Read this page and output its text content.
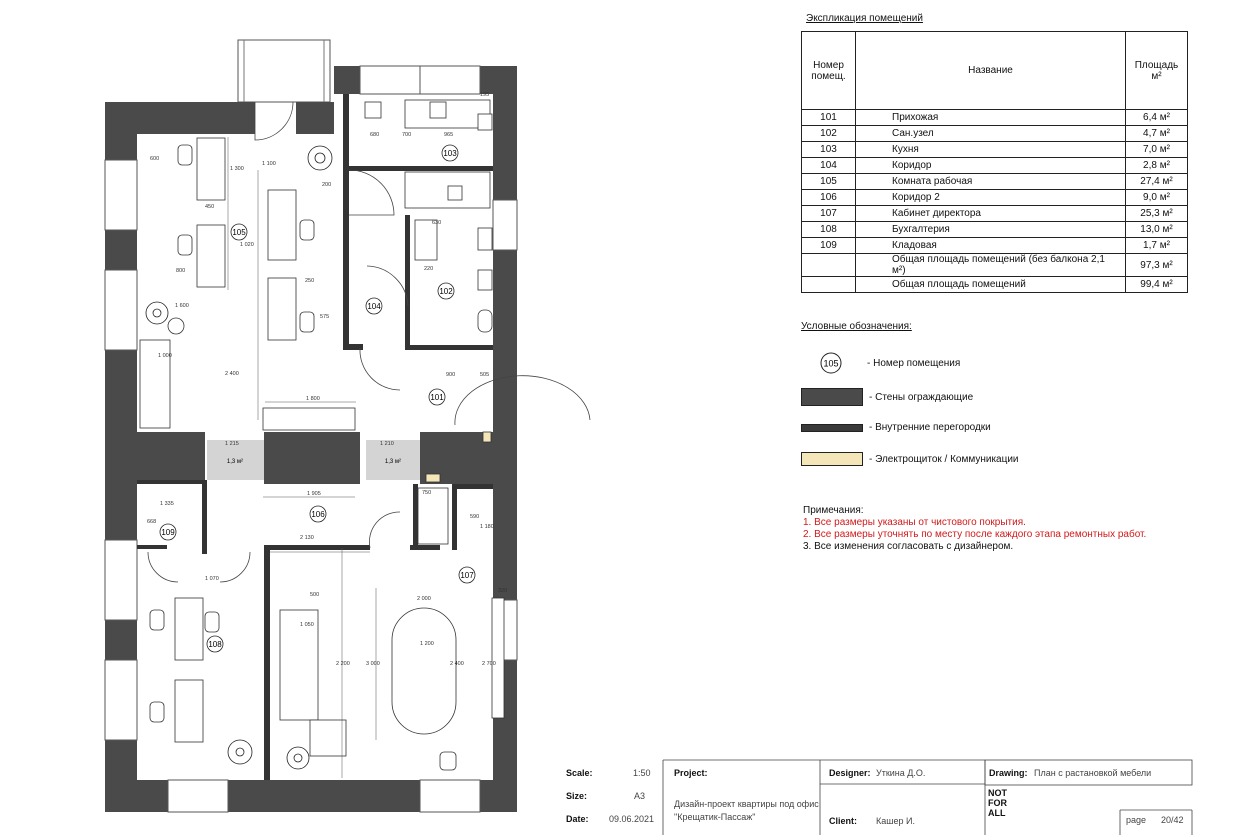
1,3 м²	1,3 м²
105
103
102
104
101
106
107
108
109
600
1 300
450
800
1 100
1 020
1 600
1 000
1 800
2 400
1 215	1 210
1 905
2 130
1 335
668
1 070
500
1 050
2 200	3 000
2 000
1 200
2 400	2 700
1 180
750
590
320
680	700	965
195
630
220
505
900
200
250
575
Экспликация помещений
Номер помещ.	Название	Площадь м²
101	Прихожая	6,4 м²
102	Сан.узел	4,7 м²
103	Кухня	7,0 м²
104	Коридор	2,8 м²
105	Комната рабочая	27,4 м²
106	Коридор 2	9,0 м²
107	Кабинет директора	25,3 м²
108	Бухгалтерия	13,0 м²
109	Кладовая	1,7 м²
	Общая площадь помещений (без балкона 2,1 м²)	97,3 м²
	Общая площадь помещений	99,4 м²
Условные обозначения:
105	- Номер помещения
- Стены ограждающие
- Внутренние перегородки
- Электрощиток / Коммуникации
Примечания:
1. Все размеры указаны от чистового покрытия.
2. Все размеры уточнять по месту после каждого этапа ремонтных работ.
3. Все изменения согласовать с дизайнером.
Scale:	1:50
Size:	A3
Date: 09.06.2021
Project:
Дизайн-проект квартиры под офис
"Крещатик-Пассаж"
Designer: Уткина Д.О.
Client: Кашер И.
Drawing: План с растановкой мебели
NOT
FOR
ALL
page 20/42
